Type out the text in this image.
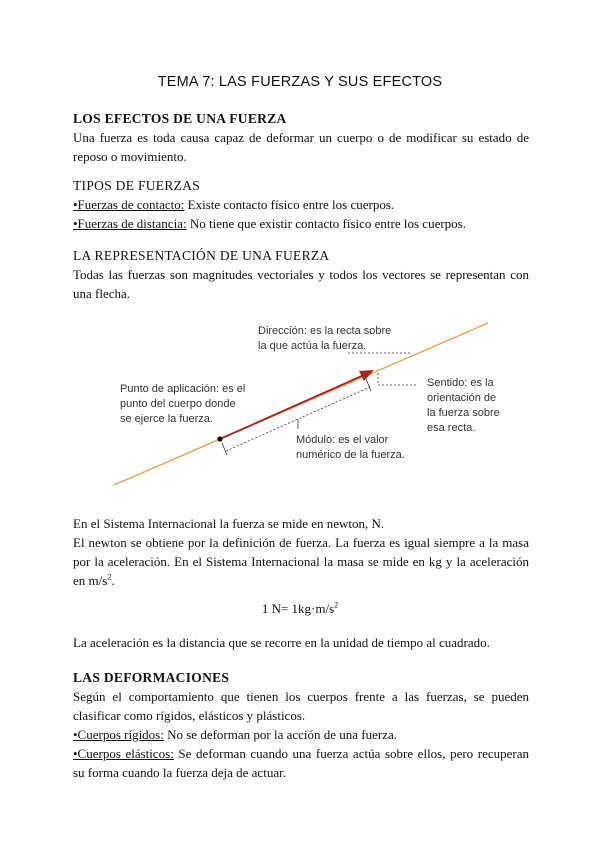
TEMA 7: LAS FUERZAS Y SUS EFECTOS
LOS EFECTOS DE UNA FUERZA
Una fuerza es toda causa capaz de deformar un cuerpo o de modificar su estado de reposo o movimiento.
TIPOS DE FUERZAS
•Fuerzas de contacto: Existe contacto físico entre los cuerpos.
•Fuerzas de distancia: No tiene que existir contacto físico entre los cuerpos.
LA REPRESENTACIÓN DE UNA FUERZA
Todas las fuerzas son magnitudes vectoriales y todos los vectores se representan con una flecha.
Dirección: es la recta sobre
la que actúa la fuerza.
Punto de aplicación: es el
punto del cuerpo donde
se ejerce la fuerza.
Sentido: es la
orientación de
la fuerza sobre
esa recta.
Módulo: es el valor
numérico de la fuerza.
En el Sistema Internacional la fuerza se mide en newton, N.
El newton se obtiene por la definición de fuerza. La fuerza es igual siempre a la masa por la aceleración. En el Sistema Internacional la masa se mide en kg y la aceleración en $m/s^2$.
1 $N= 1kg\cdot m/s^2$
La aceleración es la distancia que se recorre en la unidad de tiempo al cuadrado.
LAS DEFORMACIONES
Según el comportamiento que tienen los cuerpos frente a las fuerzas, se pueden clasificar como rígidos, elásticos y plásticos.
•Cuerpos rígidos: No se deforman por la acción de una fuerza.
•Cuerpos elásticos: Se deforman cuando una fuerza actúa sobre ellos, pero recuperan su forma cuando la fuerza deja de actuar.
